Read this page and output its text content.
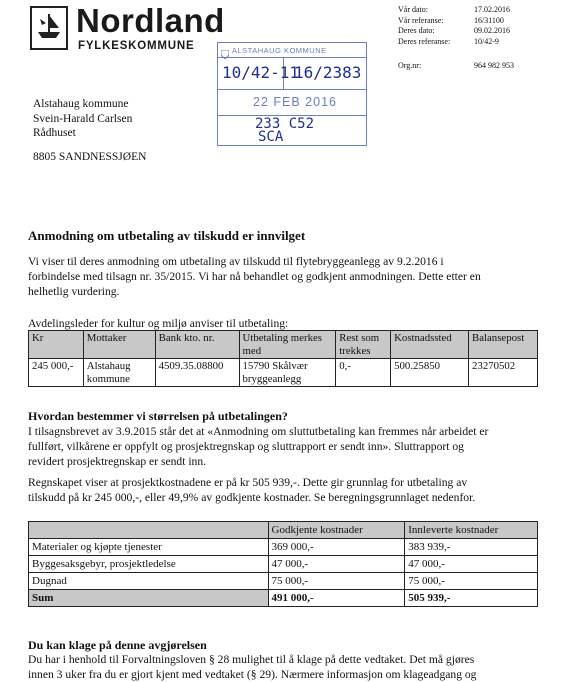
Nordland
FYLKESKOMMUNE
Vår dato:	17.02.2016
Vår referanse:	16/31100
Deres dato:	09.02.2016
Deres referanse:	10/42-9
Org.nr:	964 982 953
ALSTAHAUG KOMMUNE
10/42-11
16/2383
22 FEB 2016
233 C52
SCA
Alstahaug kommune
Svein-Harald Carlsen
Rådhuset
8805 SANDNESSJØEN
Anmodning om utbetaling av tilskudd er innvilget
Vi viser til deres anmodning om utbetaling av tilskudd til flytebryggeanlegg av 9.2.2016 i
forbindelse med tilsagn nr. 35/2015. Vi har nå behandlet og godkjent anmodningen. Dette etter en
helhetlig vurdering.
Avdelingsleder for kultur og miljø anviser til utbetaling:
Kr	Mottaker	Bank kto. nr.	Utbetaling merkes med	Rest som trekkes	Kostnadssted	Balansepost
245 000,-	Alstahaug kommune	4509.35.08800	15790 Skålvær bryggeanlegg	0,-	500.25850	23270502
Hvordan bestemmer vi størrelsen på utbetalingen?
I tilsagnsbrevet av 3.9.2015 står det at «Anmodning om sluttutbetaling kan fremmes når arbeidet er
fullført, vilkårene er oppfylt og prosjektregnskap og sluttrapport er sendt inn». Sluttrapport og
revidert prosjektregnskap er sendt inn.
Regnskapet viser at prosjektkostnadene er på kr 505 939,-. Dette gir grunnlag for utbetaling av
tilskudd på kr 245 000,-, eller 49,9% av godkjente kostnader. Se beregningsgrunnlaget nedenfor.
	Godkjente kostnader	Innleverte kostnader
Materialer og kjøpte tjenester	369 000,-	383 939,-
Byggesaksgebyr, prosjektledelse	47 000,-	47 000,-
Dugnad	75 000,-	75 000,-
Sum	491 000,-	505 939,-
Du kan klage på denne avgjørelsen
Du har i henhold til Forvaltningsloven § 28 mulighet til å klage på dette vedtaket. Det må gjøres
innen 3 uker fra du er gjort kjent med vedtaket (§ 29). Nærmere informasjon om klageadgang og
